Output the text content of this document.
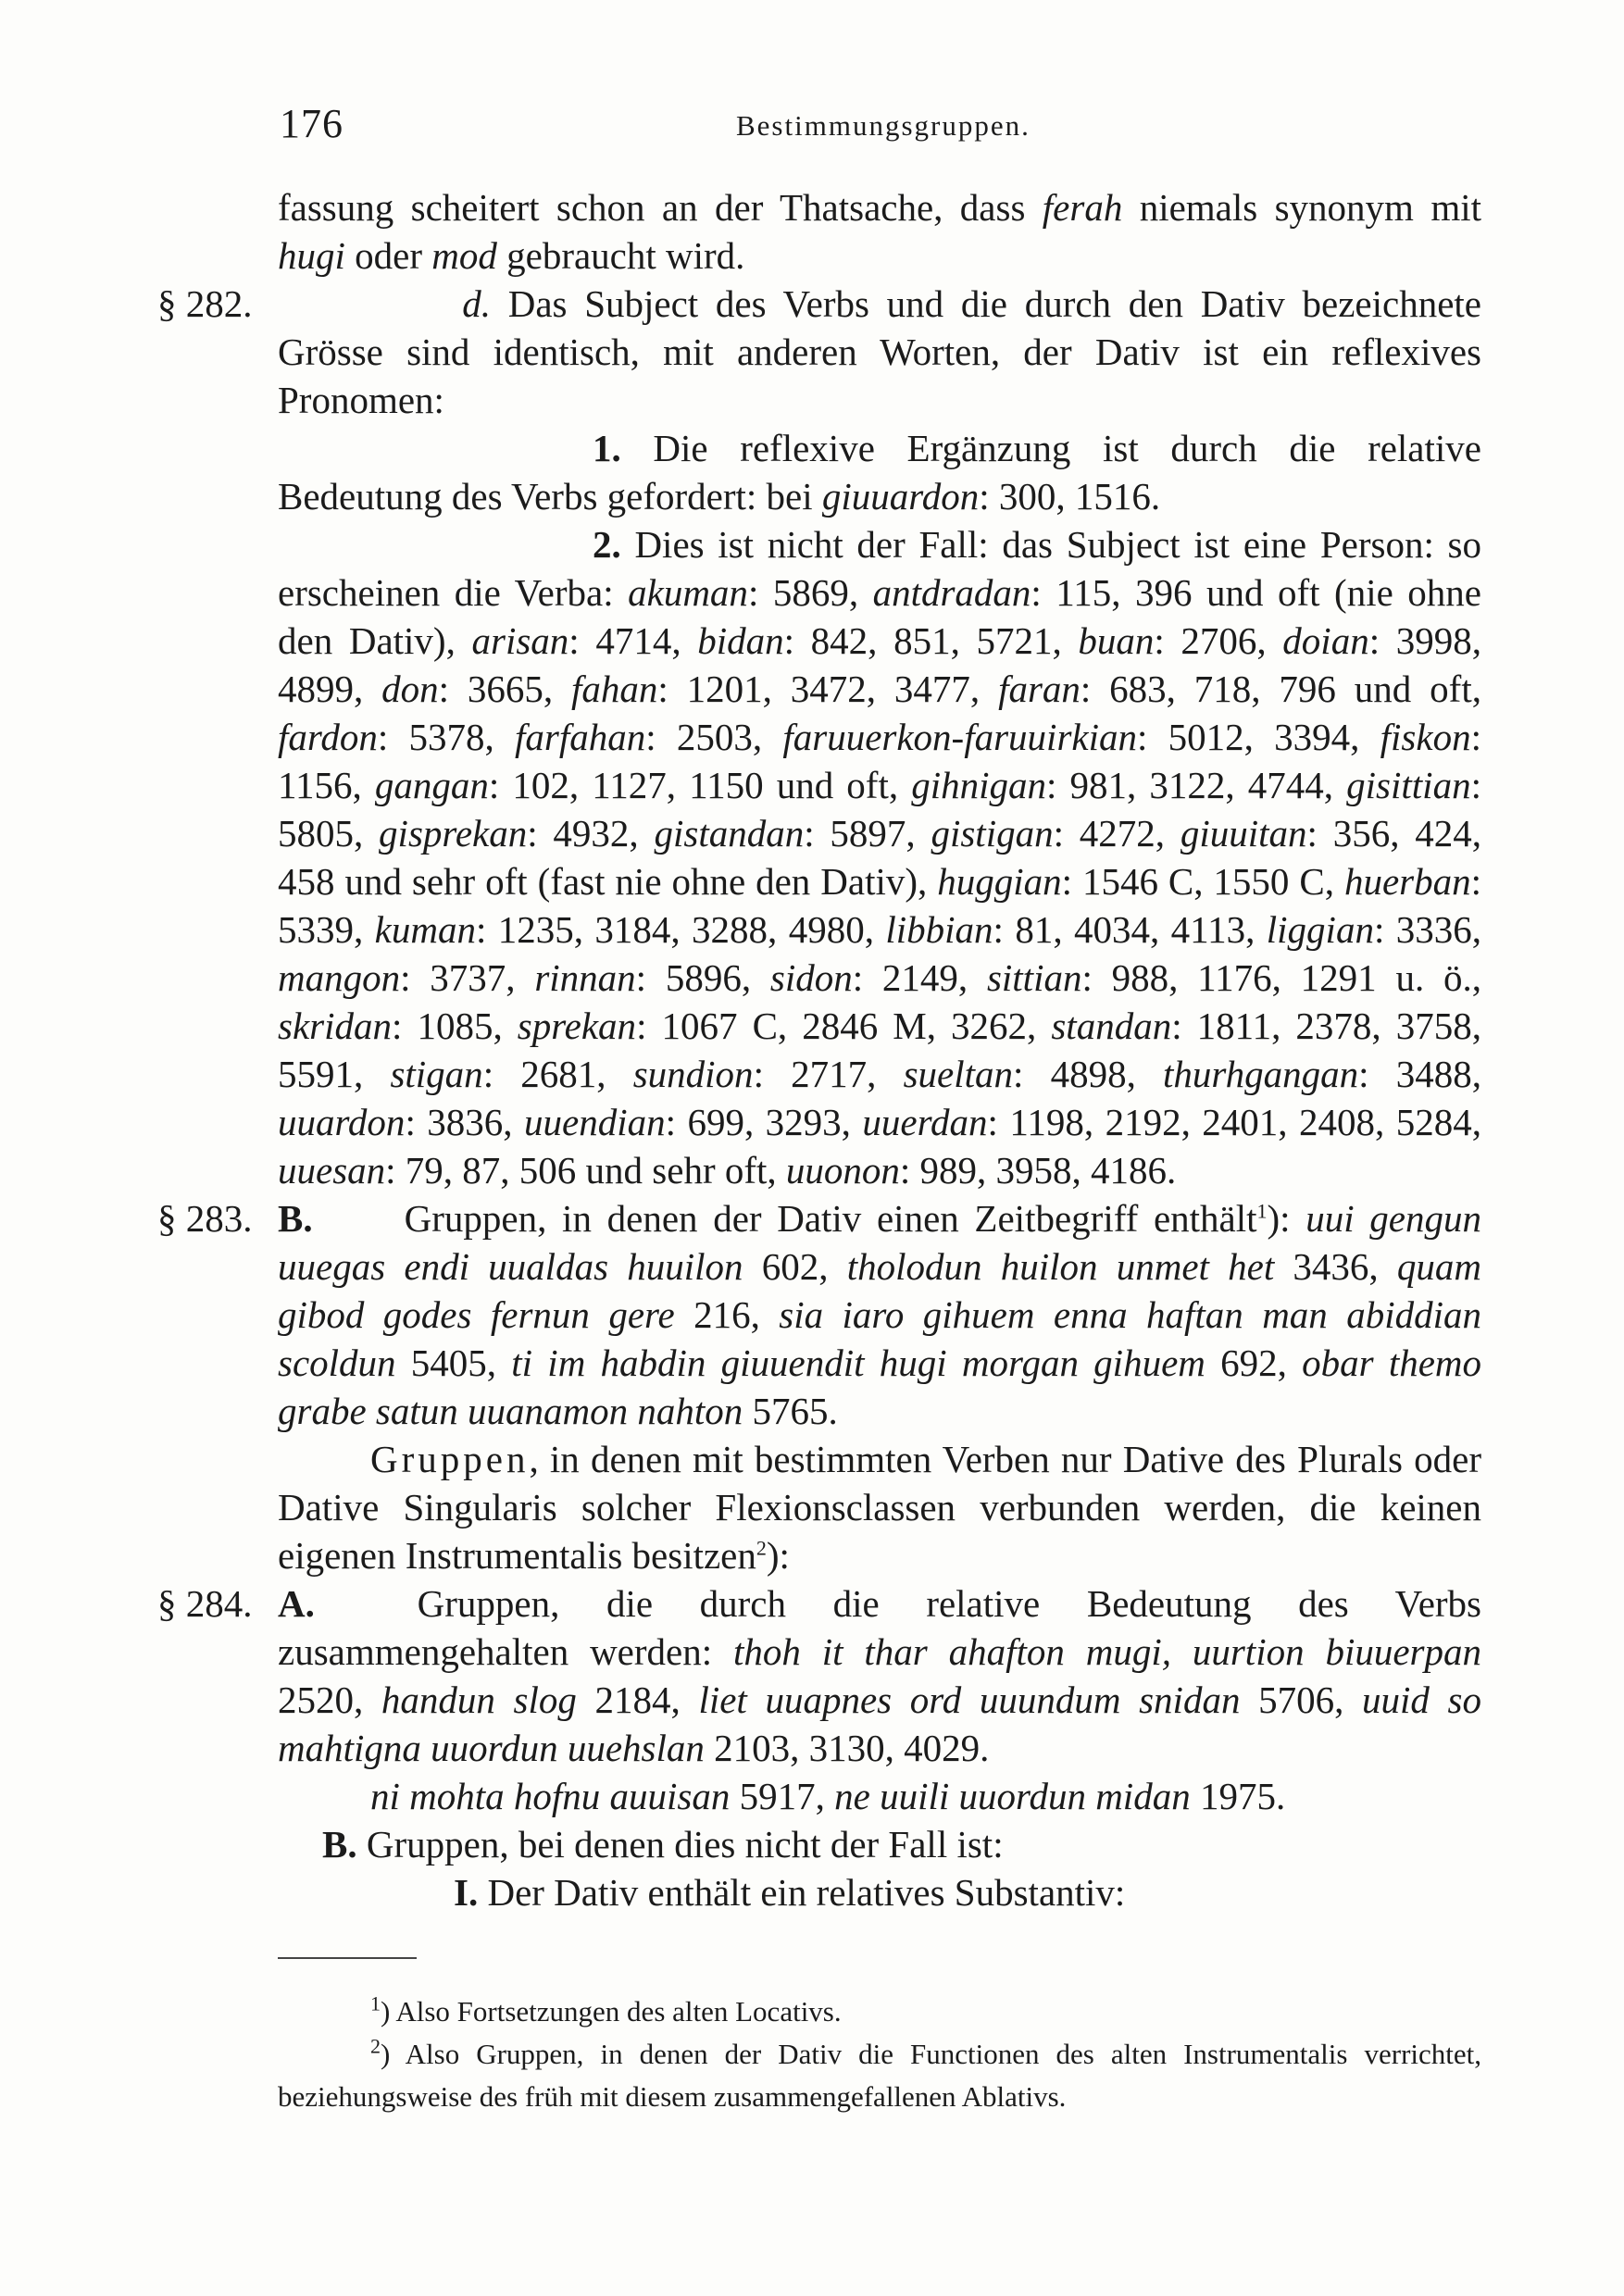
176	Bestimmungsgruppen.

fassung scheitert schon an der Thatsache, dass ferah niemals synonym mit hugi oder mod gebraucht wird.

§ 282.	d. Das Subject des Verbs und die durch den Dativ bezeichnete Grösse sind identisch, mit anderen Worten, der Dativ ist ein reflexives Pronomen:

1. Die reflexive Ergänzung ist durch die relative Bedeutung des Verbs gefordert: bei giuuardon: 300, 1516.

2. Dies ist nicht der Fall: das Subject ist eine Person: so erscheinen die Verba: akuman: 5869, antdradan: 115, 396 und oft (nie ohne den Dativ), arisan: 4714, bidan: 842, 851, 5721, buan: 2706, doian: 3998, 4899, don: 3665, fahan: 1201, 3472, 3477, faran: 683, 718, 796 und oft, fardon: 5378, farfahan: 2503, faruuerkon-faruuirkian: 5012, 3394, fiskon: 1156, gangan: 102, 1127, 1150 und oft, gihnigan: 981, 3122, 4744, gisittian: 5805, gisprekan: 4932, gistandan: 5897, gistigan: 4272, giuuitan: 356, 424, 458 und sehr oft (fast nie ohne den Dativ), huggian: 1546 C, 1550 C, huerban: 5339, kuman: 1235, 3184, 3288, 4980, libbian: 81, 4034, 4113, liggian: 3336, mangon: 3737, rinnan: 5896, sidon: 2149, sittian: 988, 1176, 1291 u. ö., skridan: 1085, sprekan: 1067 C, 2846 M, 3262, standan: 1811, 2378, 3758, 5591, stigan: 2681, sundion: 2717, sueltan: 4898, thurhgangan: 3488, uuardon: 3836, uuendian: 699, 3293, uuerdan: 1198, 2192, 2401, 2408, 5284, uuesan: 79, 87, 506 und sehr oft, uuonon: 989, 3958, 4186.

§ 283. B. Gruppen, in denen der Dativ einen Zeitbegriff enthält$^1$): uui gengun uuegas endi uualdas huuilon 602, tholodun huilon unmet het 3436, quam gibod godes fernun gere 216, sia iaro gihuem enna haftan man abiddian scoldun 5405, ti im habdin giuuendit hugi morgan gihuem 692, obar themo grabe satun uuanamon nahton 5765.

Gruppen, in denen mit bestimmten Verben nur Dative des Plurals oder Dative Singularis solcher Flexionsclassen verbunden werden, die keinen eigenen Instrumentalis besitzen$^2$):

§ 284. A. Gruppen, die durch die relative Bedeutung des Verbs zusammengehalten werden: thoh it thar ahafton mugi, uurtion biuuerpan 2520, handun slog 2184, liet uuapnes ord uuundum snidan 5706, uuid so mahtigna uuordun uuehslan 2103, 3130, 4029.

ni mohta hofnu auuisan 5917, ne uuili uuordun midan 1975.

B. Gruppen, bei denen dies nicht der Fall ist:

I. Der Dativ enthält ein relatives Substantiv:

$^1$) Also Fortsetzungen des alten Locativs.

$^2$) Also Gruppen, in denen der Dativ die Functionen des alten Instrumentalis verrichtet, beziehungsweise des früh mit diesem zusammengefallenen Ablativs.
